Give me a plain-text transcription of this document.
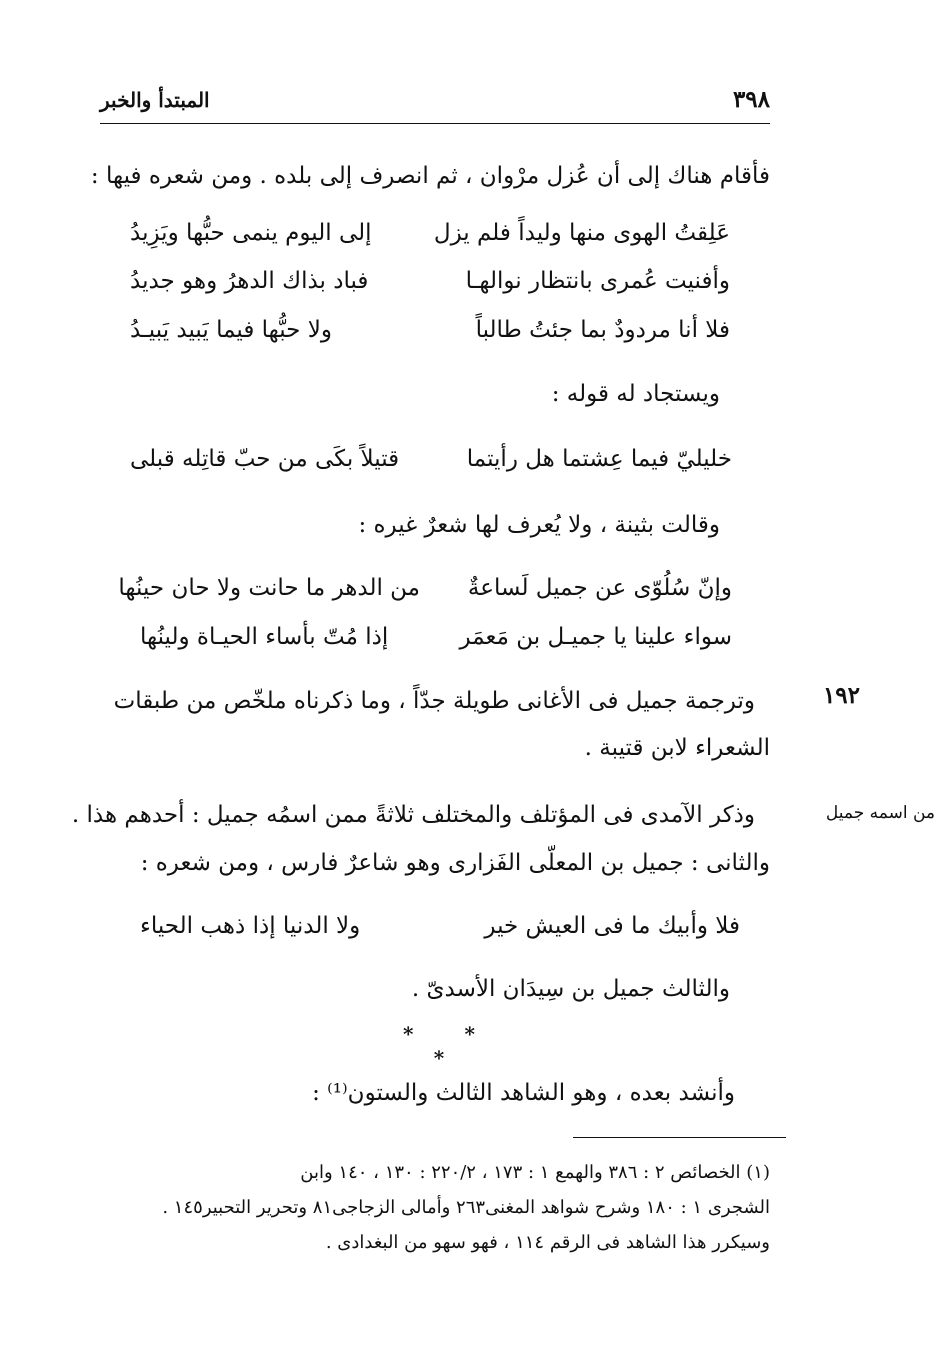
٣٩٨
المبتدأ والخبر
فأقام هناك إلى أن عُزل مرْوان ، ثم انصرف إلى بلده . ومن شعره فيها :
عَلِقتُ الهوى منها وليداً فلم يزل
إلى اليوم ينمى حبُّها ويَزِيدُ
وأفنيت عُمرى بانتظار نوالهـا
فباد بذاك الدهرُ وهو جديدُ
فلا أنا مردودٌ بما جئتُ طالباً
ولا حبُّها فيما يَبيد يَبيـدُ
ويستجاد له قوله :
خليليّ فيما عِشتما هل رأيتما
قتيلاً بكَى من حبّ قاتِله قبلى
وقالت بثينة ، ولا يُعرف لها شعرٌ غيره :
وإنّ سُلُوّى عن جميل لَساعةٌ
من الدهر ما حانت ولا حان حينُها
سواء علينا يا جميـل بن مَعمَر
إذا مُتّ بأساء الحيـاة ولينُها
١٩٢
وترجمة جميل فى الأغانى طويلة جدّاً ، وما ذكرناه ملخّص من طبقات
الشعراء لابن قتيبة .
من اسمه جميل
وذكر الآمدى فى المؤتلف والمختلف ثلاثةً ممن اسمُه جميل : أحدهم هذا .
والثانى : جميل بن المعلّى الفَزارى وهو شاعرٌ فارس ، ومن شعره :
فلا وأبيك ما فى العيش خير
ولا الدنيا إذا ذهب الحياء
والثالث جميل بن سِيدَان الأسدىّ .
* * *
وأنشد بعده ، وهو الشاهد الثالث والستون⁽¹⁾ :
(١) الخصائص ٢ : ٣٨٦ والهمع ١ : ١٧٣ ، ٢٢٠/٢ : ١٣٠ ، ١٤٠ وابن
الشجرى ١ : ١٨٠ وشرح شواهد المغنى٢٦٣ وأمالى الزجاجى٨١ وتحرير التحبير١٤٥ .
وسيكرر هذا الشاهد فى الرقم ١١٤ ، فهو سهو من البغدادى .
